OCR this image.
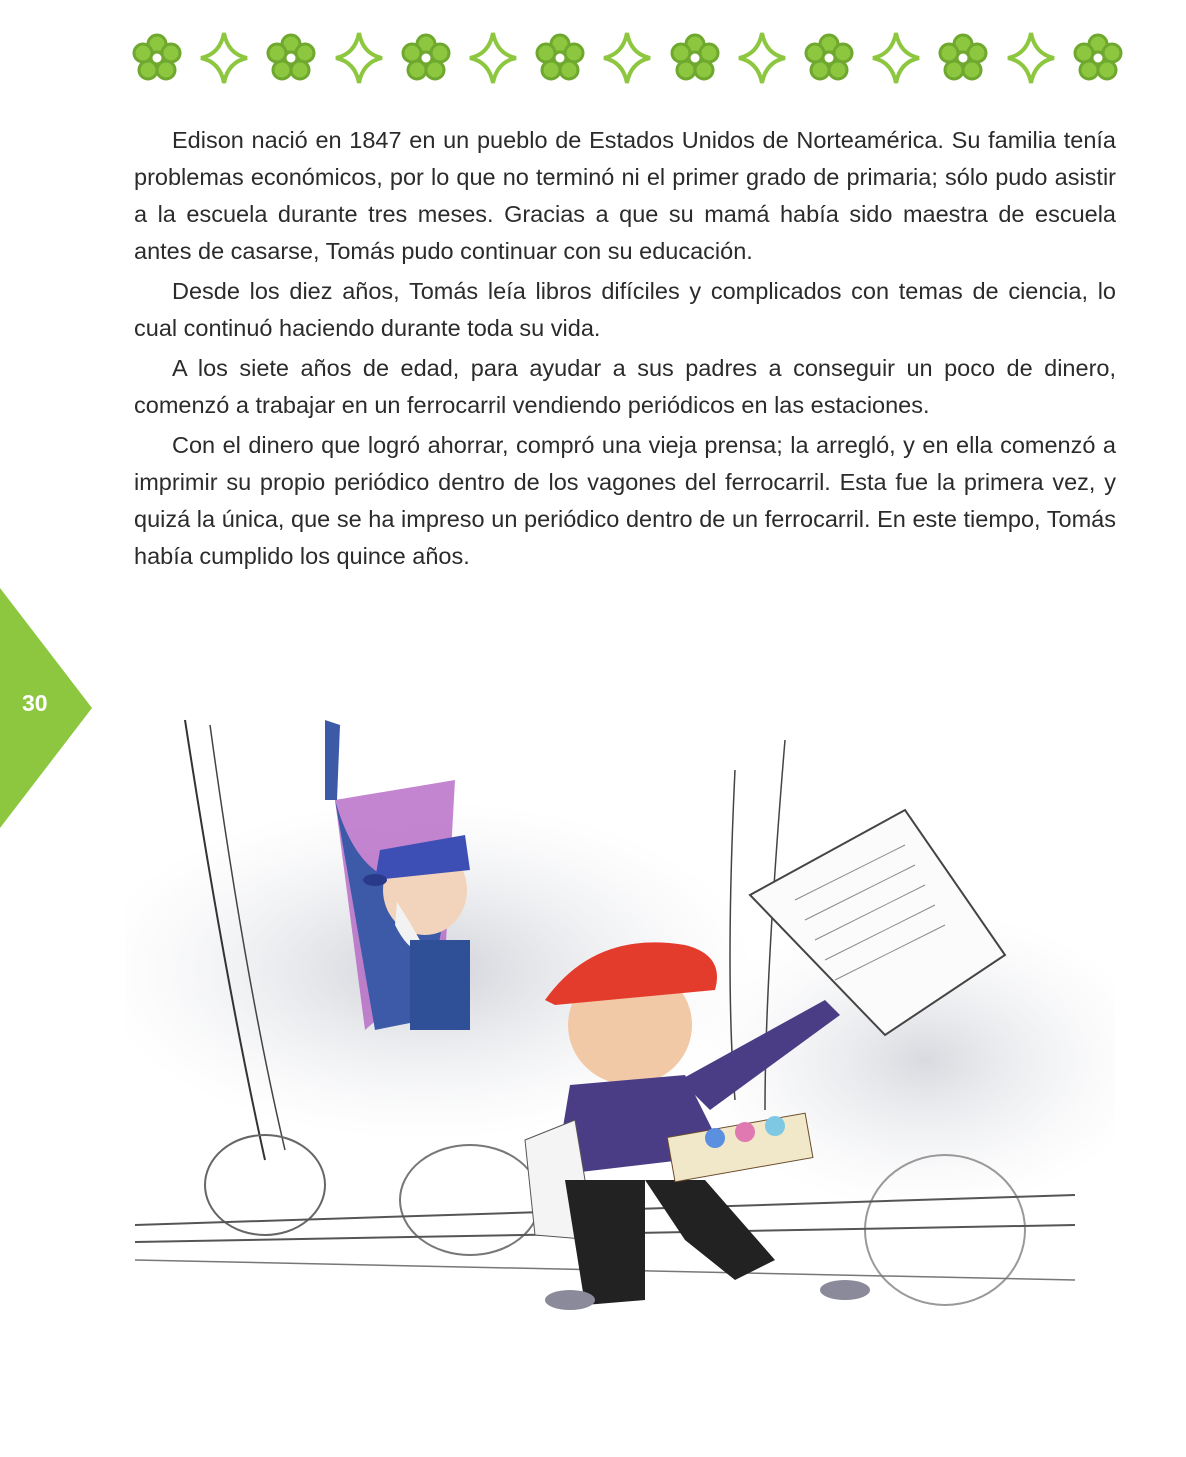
30

Edison nació en 1847 en un pueblo de Estados Unidos de Norteamérica. Su familia tenía problemas económicos, por lo que no terminó ni el primer grado de primaria; sólo pudo asistir a la escuela durante tres meses. Gracias a que su mamá había sido maestra de escuela antes de casarse, Tomás pudo continuar con su educación.

Desde los diez años, Tomás leía libros difíciles y complicados con temas de ciencia, lo cual continuó haciendo durante toda su vida.

A los siete años de edad, para ayudar a sus padres a conseguir un poco de dinero, comenzó a trabajar en un ferrocarril vendiendo periódicos en las estaciones.

Con el dinero que logró ahorrar, compró una vieja prensa; la arregló, y en ella comenzó a imprimir su propio periódico dentro de los vagones del ferrocarril. Esta fue la primera vez, y quizá la única, que se ha impreso un periódico dentro de un ferrocarril. En este tiempo, Tomás había cumplido los quince años.
